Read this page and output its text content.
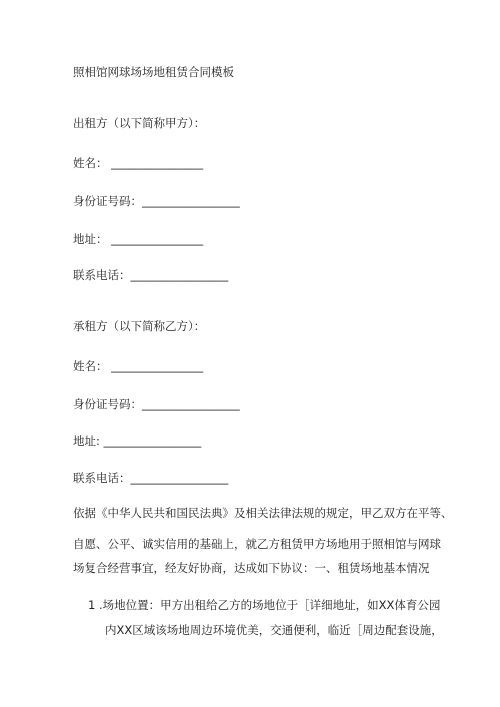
照相馆网球场场地租赁合同模板
出租方（以下简称甲方）：
姓名： ________________
身份证号码：_________________
地址： ________________
联系电话：_________________
承租方（以下简称乙方）：
姓名： ________________
身份证号码：_________________
地址: _________________
联系电话：_________________
依据《中华人民共和国民法典》及相关法律法规的规定，甲乙双方在平等、
自愿、公平、诚实信用的基础上，就乙方租赁甲方场地用于照相馆与网球
场复合经营事宜，经友好协商，达成如下协议：一、租赁场地基本情况
1 .场地位置：甲方出租给乙方的场地位于［详细地址，如XX体育公园
内XX区域该场地周边环境优美，交通便利，临近［周边配套设施，
